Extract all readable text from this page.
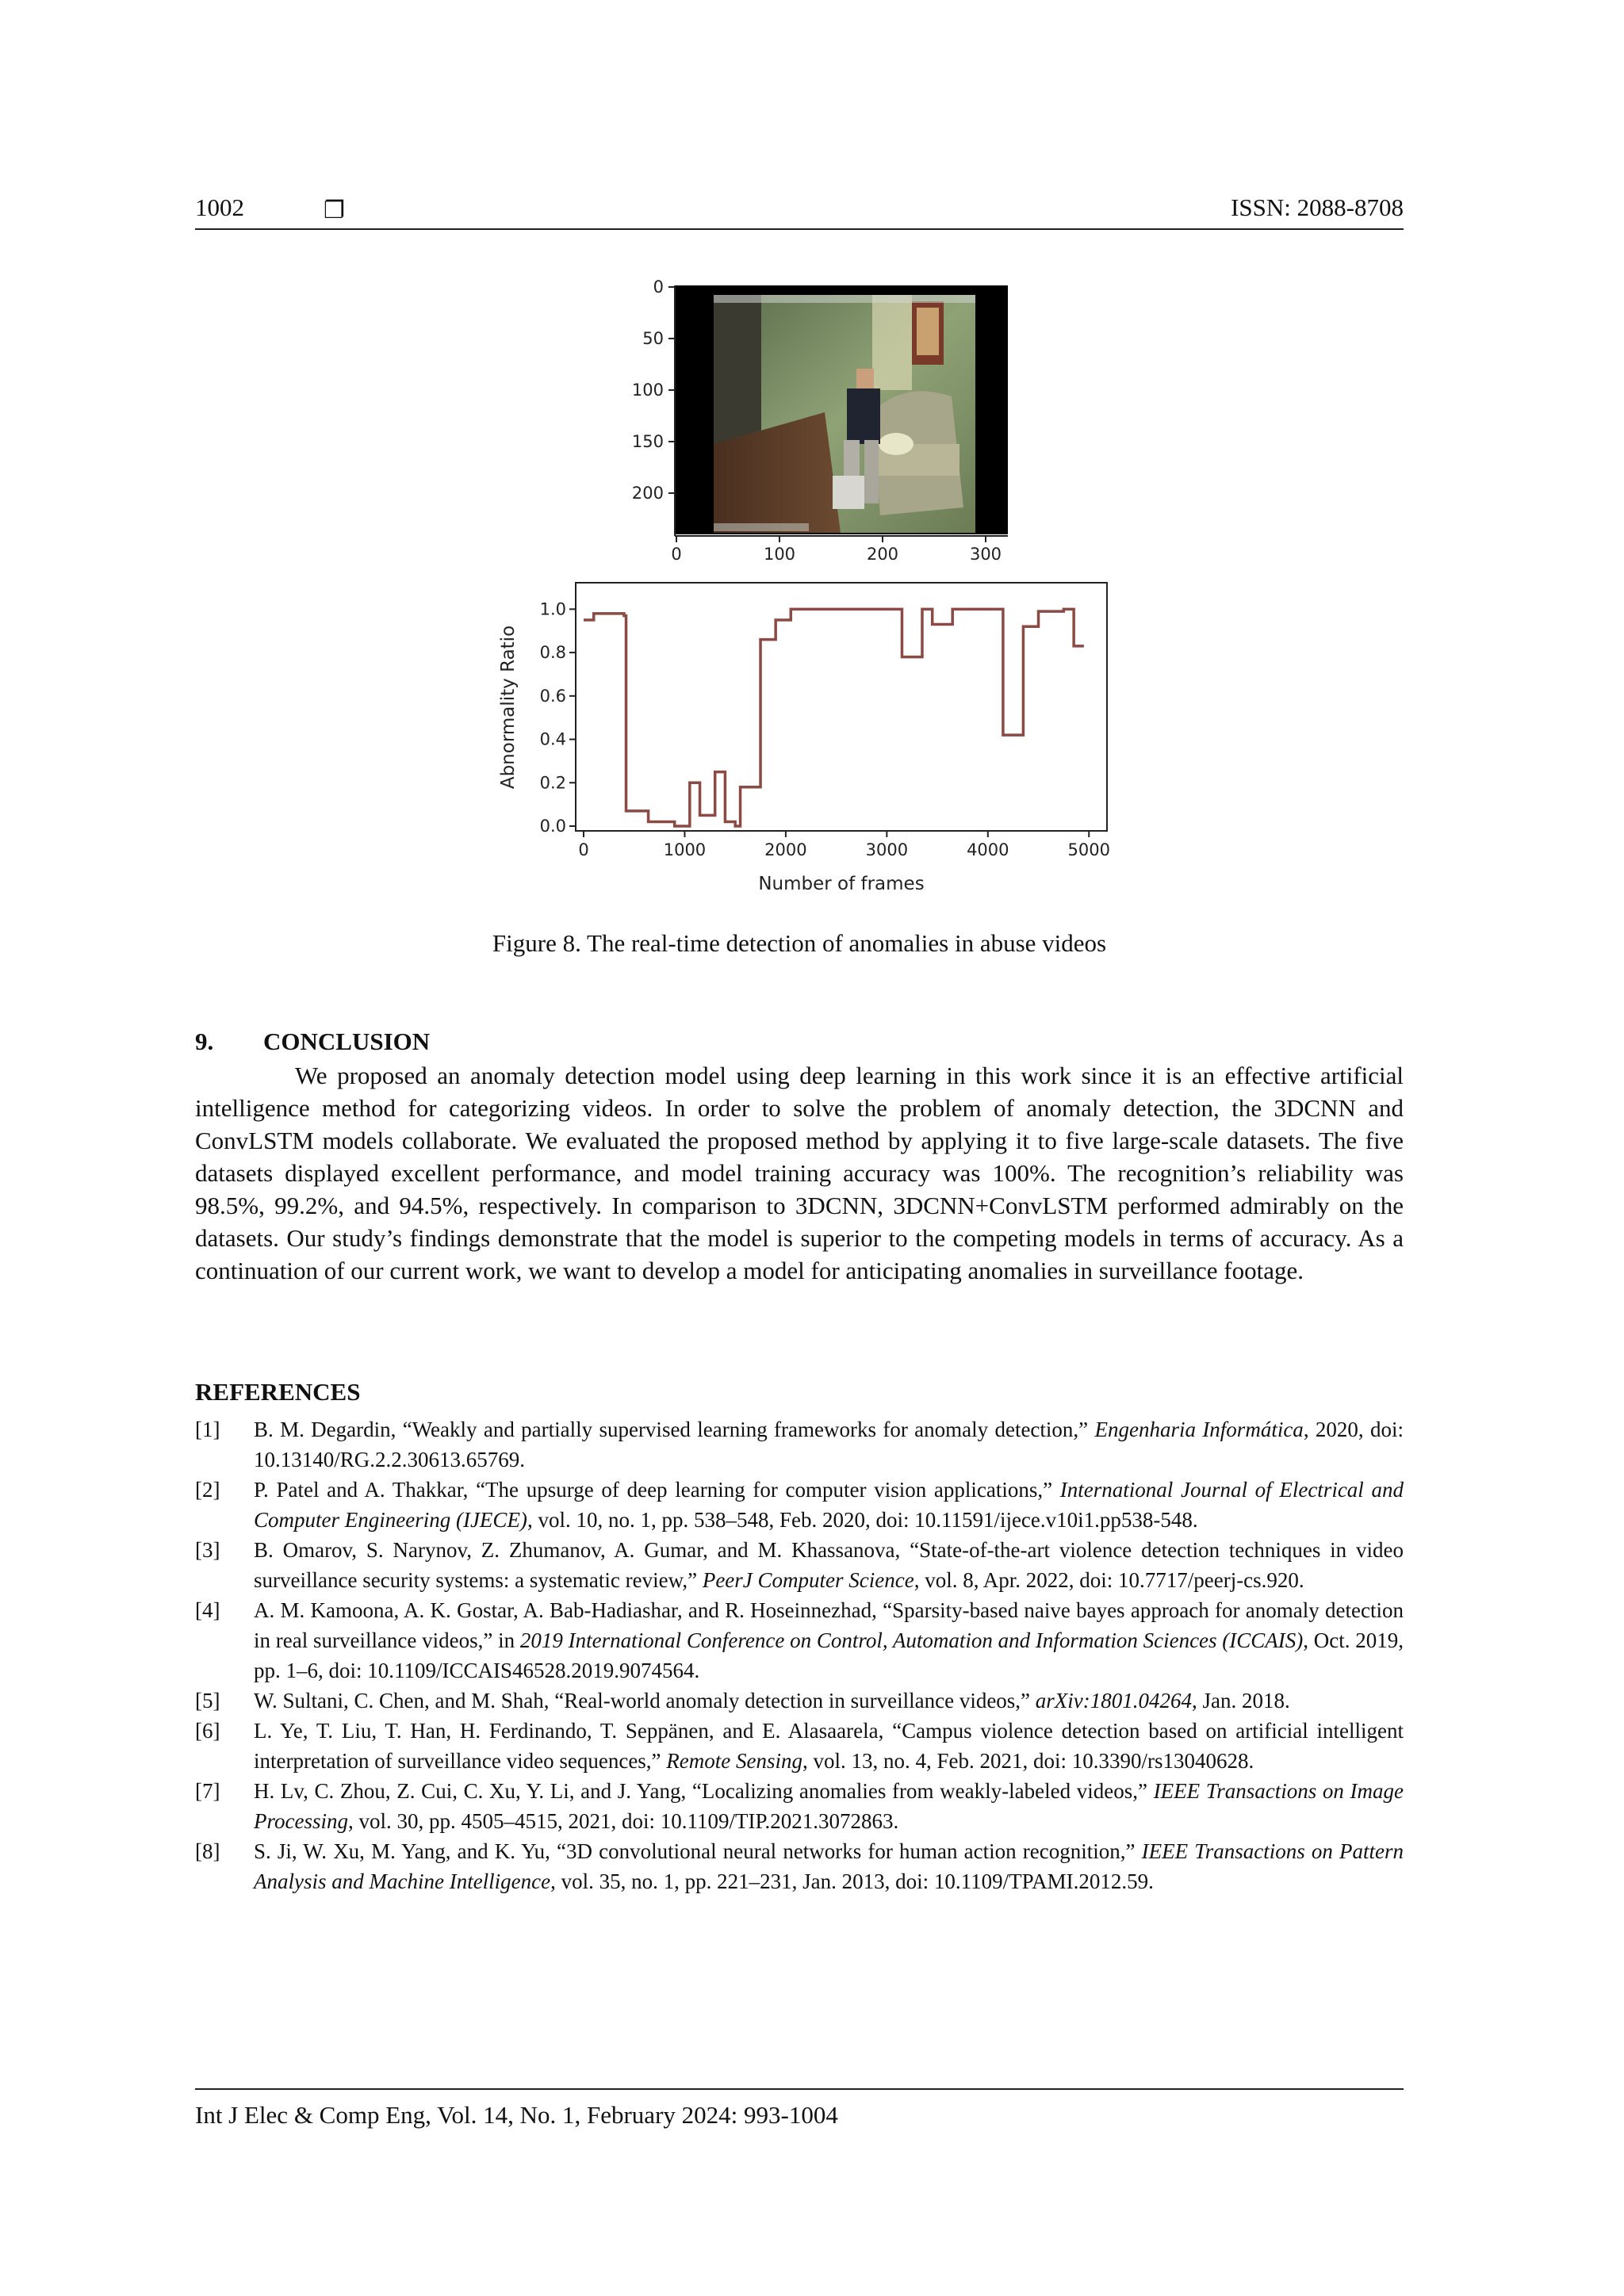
1002	❐	ISSN: 2088-8708
0
50
100
150
200
0	100	200	300
0	1000	2000	3000	4000	5000
0.0
0.2
0.4
0.6
0.8
1.0
Number of frames
Abnormality Ratio
Figure 8. The real-time detection of anomalies in abuse videos
9. CONCLUSION

We proposed an anomaly detection model using deep learning in this work since it is an effective artificial intelligence method for categorizing videos. In order to solve the problem of anomaly detection, the 3DCNN and ConvLSTM models collaborate. We evaluated the proposed method by applying it to five large-scale datasets. The five datasets displayed excellent performance, and model training accuracy was 100%. The recognition’s reliability was 98.5%, 99.2%, and 94.5%, respectively. In comparison to 3DCNN, 3DCNN+ConvLSTM performed admirably on the datasets. Our study’s findings demonstrate that the model is superior to the competing models in terms of accuracy. As a continuation of our current work, we want to develop a model for anticipating anomalies in surveillance footage.

REFERENCES
[1] B. M. Degardin, “Weakly and partially supervised learning frameworks for anomaly detection,” Engenharia Informática, 2020, doi: 10.13140/RG.2.2.30613.65769.
[2] P. Patel and A. Thakkar, “The upsurge of deep learning for computer vision applications,” International Journal of Electrical and Computer Engineering (IJECE), vol. 10, no. 1, pp. 538–548, Feb. 2020, doi: 10.11591/ijece.v10i1.pp538-548.
[3] B. Omarov, S. Narynov, Z. Zhumanov, A. Gumar, and M. Khassanova, “State-of-the-art violence detection techniques in video surveillance security systems: a systematic review,” PeerJ Computer Science, vol. 8, Apr. 2022, doi: 10.7717/peerj-cs.920.
[4] A. M. Kamoona, A. K. Gostar, A. Bab-Hadiashar, and R. Hoseinnezhad, “Sparsity-based naive bayes approach for anomaly detection in real surveillance videos,” in 2019 International Conference on Control, Automation and Information Sciences (ICCAIS), Oct. 2019, pp. 1–6, doi: 10.1109/ICCAIS46528.2019.9074564.
[5] W. Sultani, C. Chen, and M. Shah, “Real-world anomaly detection in surveillance videos,” arXiv:1801.04264, Jan. 2018.
[6] L. Ye, T. Liu, T. Han, H. Ferdinando, T. Seppänen, and E. Alasaarela, “Campus violence detection based on artificial intelligent interpretation of surveillance video sequences,” Remote Sensing, vol. 13, no. 4, Feb. 2021, doi: 10.3390/rs13040628.
[7] H. Lv, C. Zhou, Z. Cui, C. Xu, Y. Li, and J. Yang, “Localizing anomalies from weakly-labeled videos,” IEEE Transactions on Image Processing, vol. 30, pp. 4505–4515, 2021, doi: 10.1109/TIP.2021.3072863.
[8] S. Ji, W. Xu, M. Yang, and K. Yu, “3D convolutional neural networks for human action recognition,” IEEE Transactions on Pattern Analysis and Machine Intelligence, vol. 35, no. 1, pp. 221–231, Jan. 2013, doi: 10.1109/TPAMI.2012.59.
Int J Elec & Comp Eng, Vol. 14, No. 1, February 2024: 993-1004
